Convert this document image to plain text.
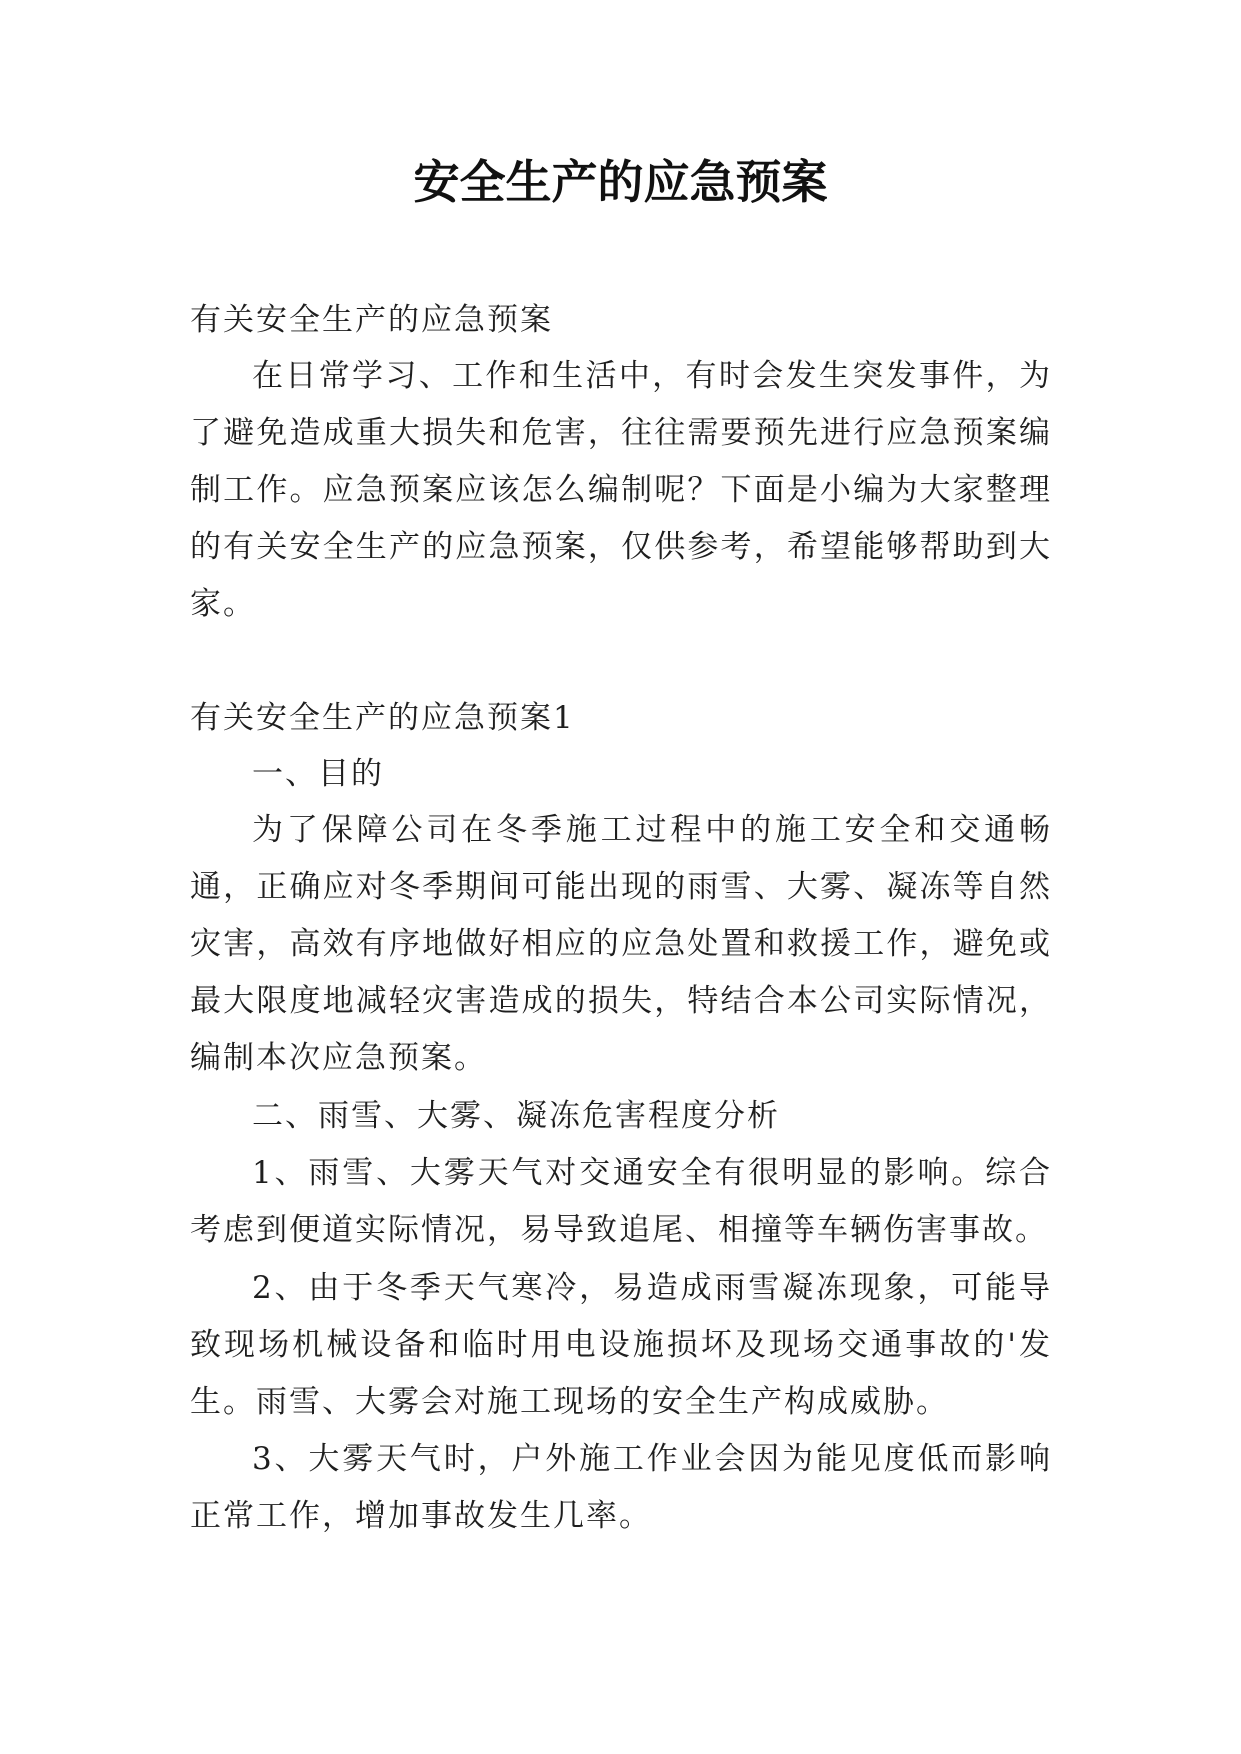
安全生产的应急预案

有关安全生产的应急预案

在日常学习、工作和生活中，有时会发生突发事件，为了避免造成重大损失和危害，往往需要预先进行应急预案编制工作。应急预案应该怎么编制呢？下面是小编为大家整理的有关安全生产的应急预案，仅供参考，希望能够帮助到大家。

有关安全生产的应急预案1

一、目的

为了保障公司在冬季施工过程中的施工安全和交通畅通，正确应对冬季期间可能出现的雨雪、大雾、凝冻等自然灾害，高效有序地做好相应的应急处置和救援工作，避免或最大限度地减轻灾害造成的损失，特结合本公司实际情况，编制本次应急预案。

二、雨雪、大雾、凝冻危害程度分析

1、雨雪、大雾天气对交通安全有很明显的影响。综合考虑到便道实际情况，易导致追尾、相撞等车辆伤害事故。

2、由于冬季天气寒冷，易造成雨雪凝冻现象，可能导致现场机械设备和临时用电设施损坏及现场交通事故的'发生。雨雪、大雾会对施工现场的安全生产构成威胁。

3、大雾天气时，户外施工作业会因为能见度低而影响正常工作，增加事故发生几率。
